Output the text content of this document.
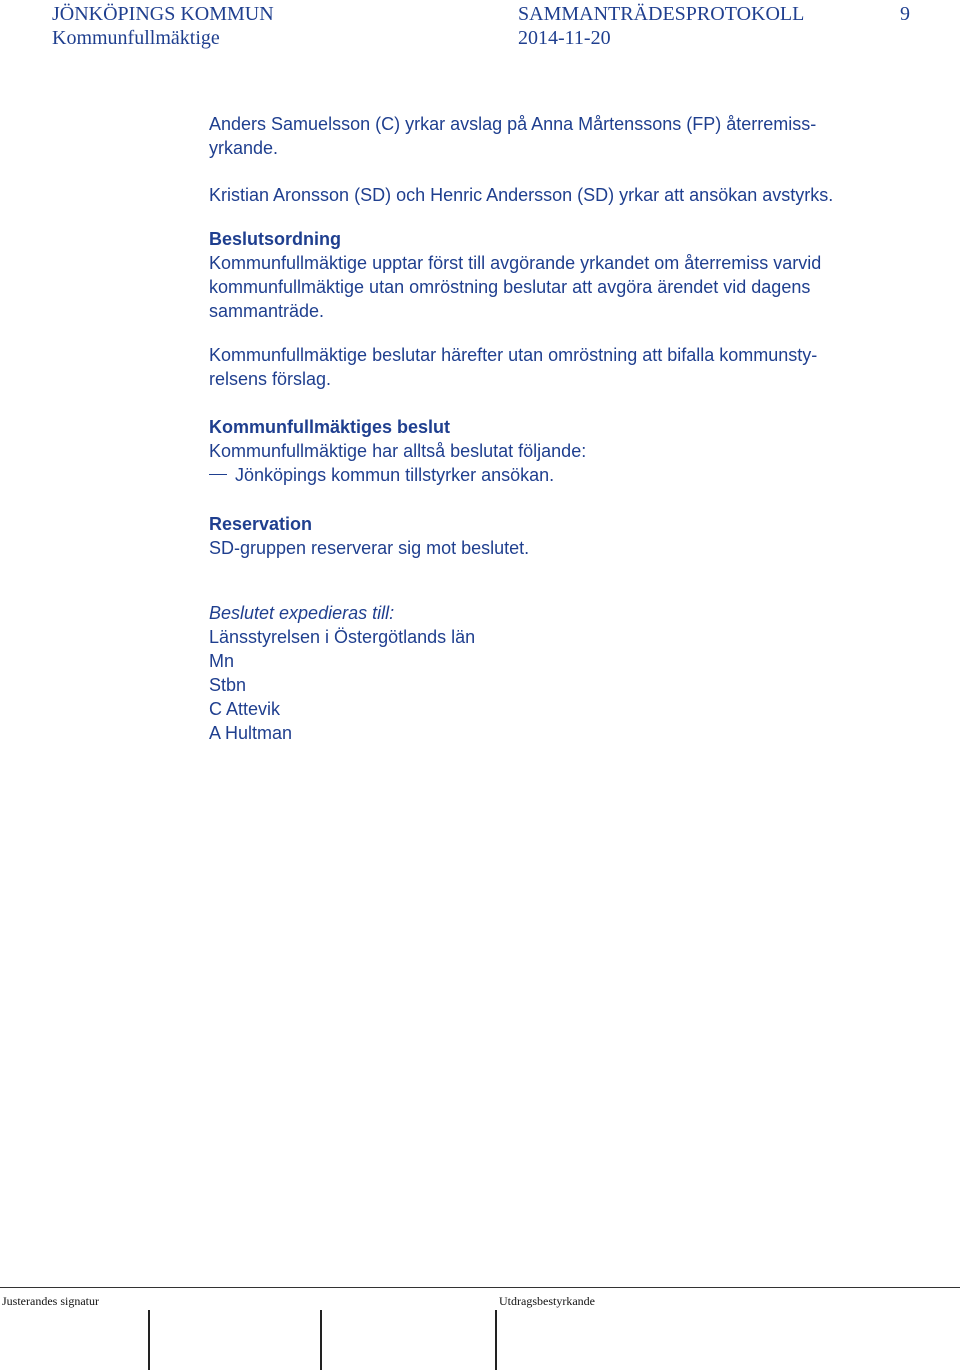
JÖNKÖPINGS KOMMUN
Kommunfullmäktige
SAMMANTRÄDESPROTOKOLL
2014-11-20
9
Anders Samuelsson (C) yrkar avslag på Anna Mårtenssons (FP) återremiss-
yrkande.
Kristian Aronsson (SD) och Henric Andersson (SD) yrkar att ansökan avstyrks.
Beslutsordning
Kommunfullmäktige upptar först till avgörande yrkandet om återremiss varvid
kommunfullmäktige utan omröstning beslutar att avgöra ärendet vid dagens
sammanträde.
Kommunfullmäktige beslutar härefter utan omröstning att bifalla kommunsty-
relsens förslag.
Kommunfullmäktiges beslut
Kommunfullmäktige har alltså beslutat följande:
Jönköpings kommun tillstyrker ansökan.
Reservation
SD-gruppen reserverar sig mot beslutet.
Beslutet expedieras till:
Länsstyrelsen i Östergötlands län
Mn
Stbn
C Attevik
A Hultman
Justerandes signatur	Utdragsbestyrkande
